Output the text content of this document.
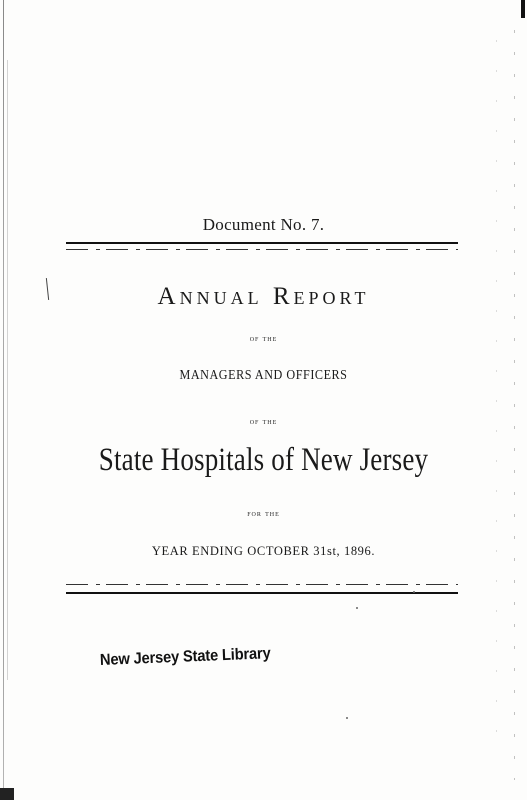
Document No. 7.
Annual Report
of the
MANAGERS AND OFFICERS
of the
State Hospitals of New Jersey
for the
YEAR ENDING OCTOBER 31st, 1896.
New Jersey State Library
